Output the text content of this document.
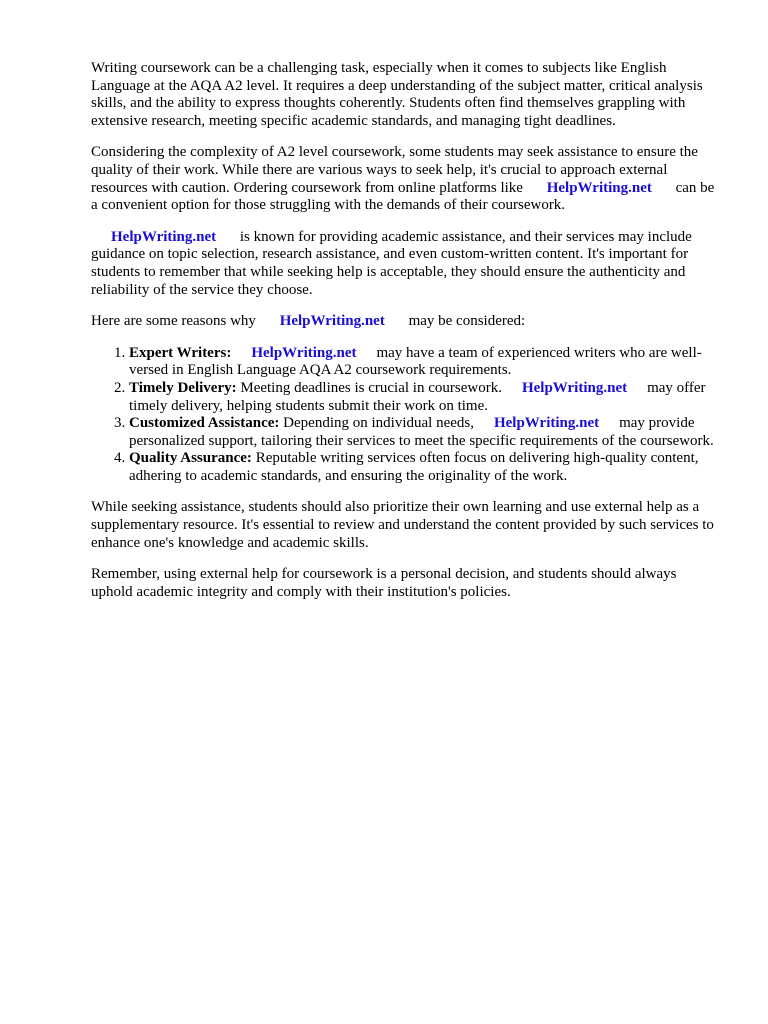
Writing coursework can be a challenging task, especially when it comes to subjects like English Language at the AQA A2 level. It requires a deep understanding of the subject matter, critical analysis skills, and the ability to express thoughts coherently. Students often find themselves grappling with extensive research, meeting specific academic standards, and managing tight deadlines.

Considering the complexity of A2 level coursework, some students may seek assistance to ensure the quality of their work. While there are various ways to seek help, it's crucial to approach external resources with caution. Ordering coursework from online platforms like HelpWriting.net can be a convenient option for those struggling with the demands of their coursework.

HelpWriting.net is known for providing academic assistance, and their services may include guidance on topic selection, research assistance, and even custom-written content. It's important for students to remember that while seeking help is acceptable, they should ensure the authenticity and reliability of the service they choose.

Here are some reasons why HelpWriting.net may be considered:

1. Expert Writers: HelpWriting.net may have a team of experienced writers who are well-versed in English Language AQA A2 coursework requirements.
2. Timely Delivery: Meeting deadlines is crucial in coursework. HelpWriting.net may offer timely delivery, helping students submit their work on time.
3. Customized Assistance: Depending on individual needs, HelpWriting.net may provide personalized support, tailoring their services to meet the specific requirements of the coursework.
4. Quality Assurance: Reputable writing services often focus on delivering high-quality content, adhering to academic standards, and ensuring the originality of the work.

While seeking assistance, students should also prioritize their own learning and use external help as a supplementary resource. It's essential to review and understand the content provided by such services to enhance one's knowledge and academic skills.

Remember, using external help for coursework is a personal decision, and students should always uphold academic integrity and comply with their institution's policies.
